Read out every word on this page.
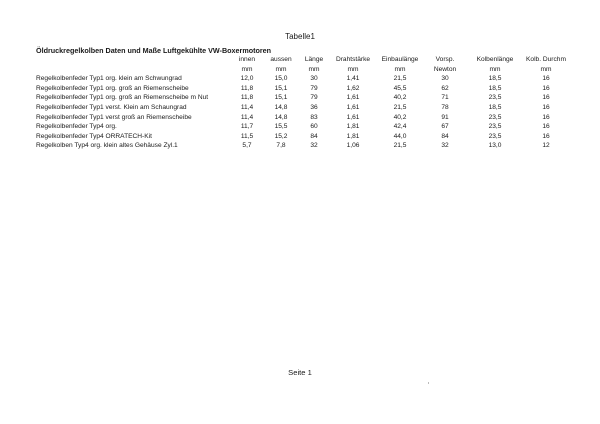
Tabelle1
Öldruckregelkolben Daten und Maße Luftgekühlte VW-Boxermotoren
	innen	aussen	Länge	Drahtstärke	Einbaulänge	Vorsp.	Kolbenlänge	Kolb. Durchm
	mm	mm	mm	mm	mm	Newton	mm	mm
Regelkolbenfeder Typ1 org. klein am Schwungrad	12,0	15,0	30	1,41	21,5	30	18,5	16
Regelkolbenfeder Typ1 org. groß an Riemenscheibe	11,8	15,1	79	1,62	45,5	62	18,5	16
Regelkolbenfeder Typ1 org. groß an Riemenscheibe m Nut	11,8	15,1	79	1,61	40,2	71	23,5	16
Regelkolbenfeder Typ1 verst. Klein am Schaungrad	11,4	14,8	36	1,61	21,5	78	18,5	16
Regelkolbenfeder Typ1 verst groß an Riemenscheibe	11,4	14,8	83	1,61	40,2	91	23,5	16
Regelkolbenfeder Typ4 org.	11,7	15,5	60	1,81	42,4	67	23,5	16
Regelkolbenfeder Typ4 ORRATECH-Kit	11,5	15,2	84	1,81	44,0	84	23,5	16
Regelkolben Typ4 org. klein altes Gehäuse Zyl.1	5,7	7,8	32	1,06	21,5	32	13,0	12
Seite 1
